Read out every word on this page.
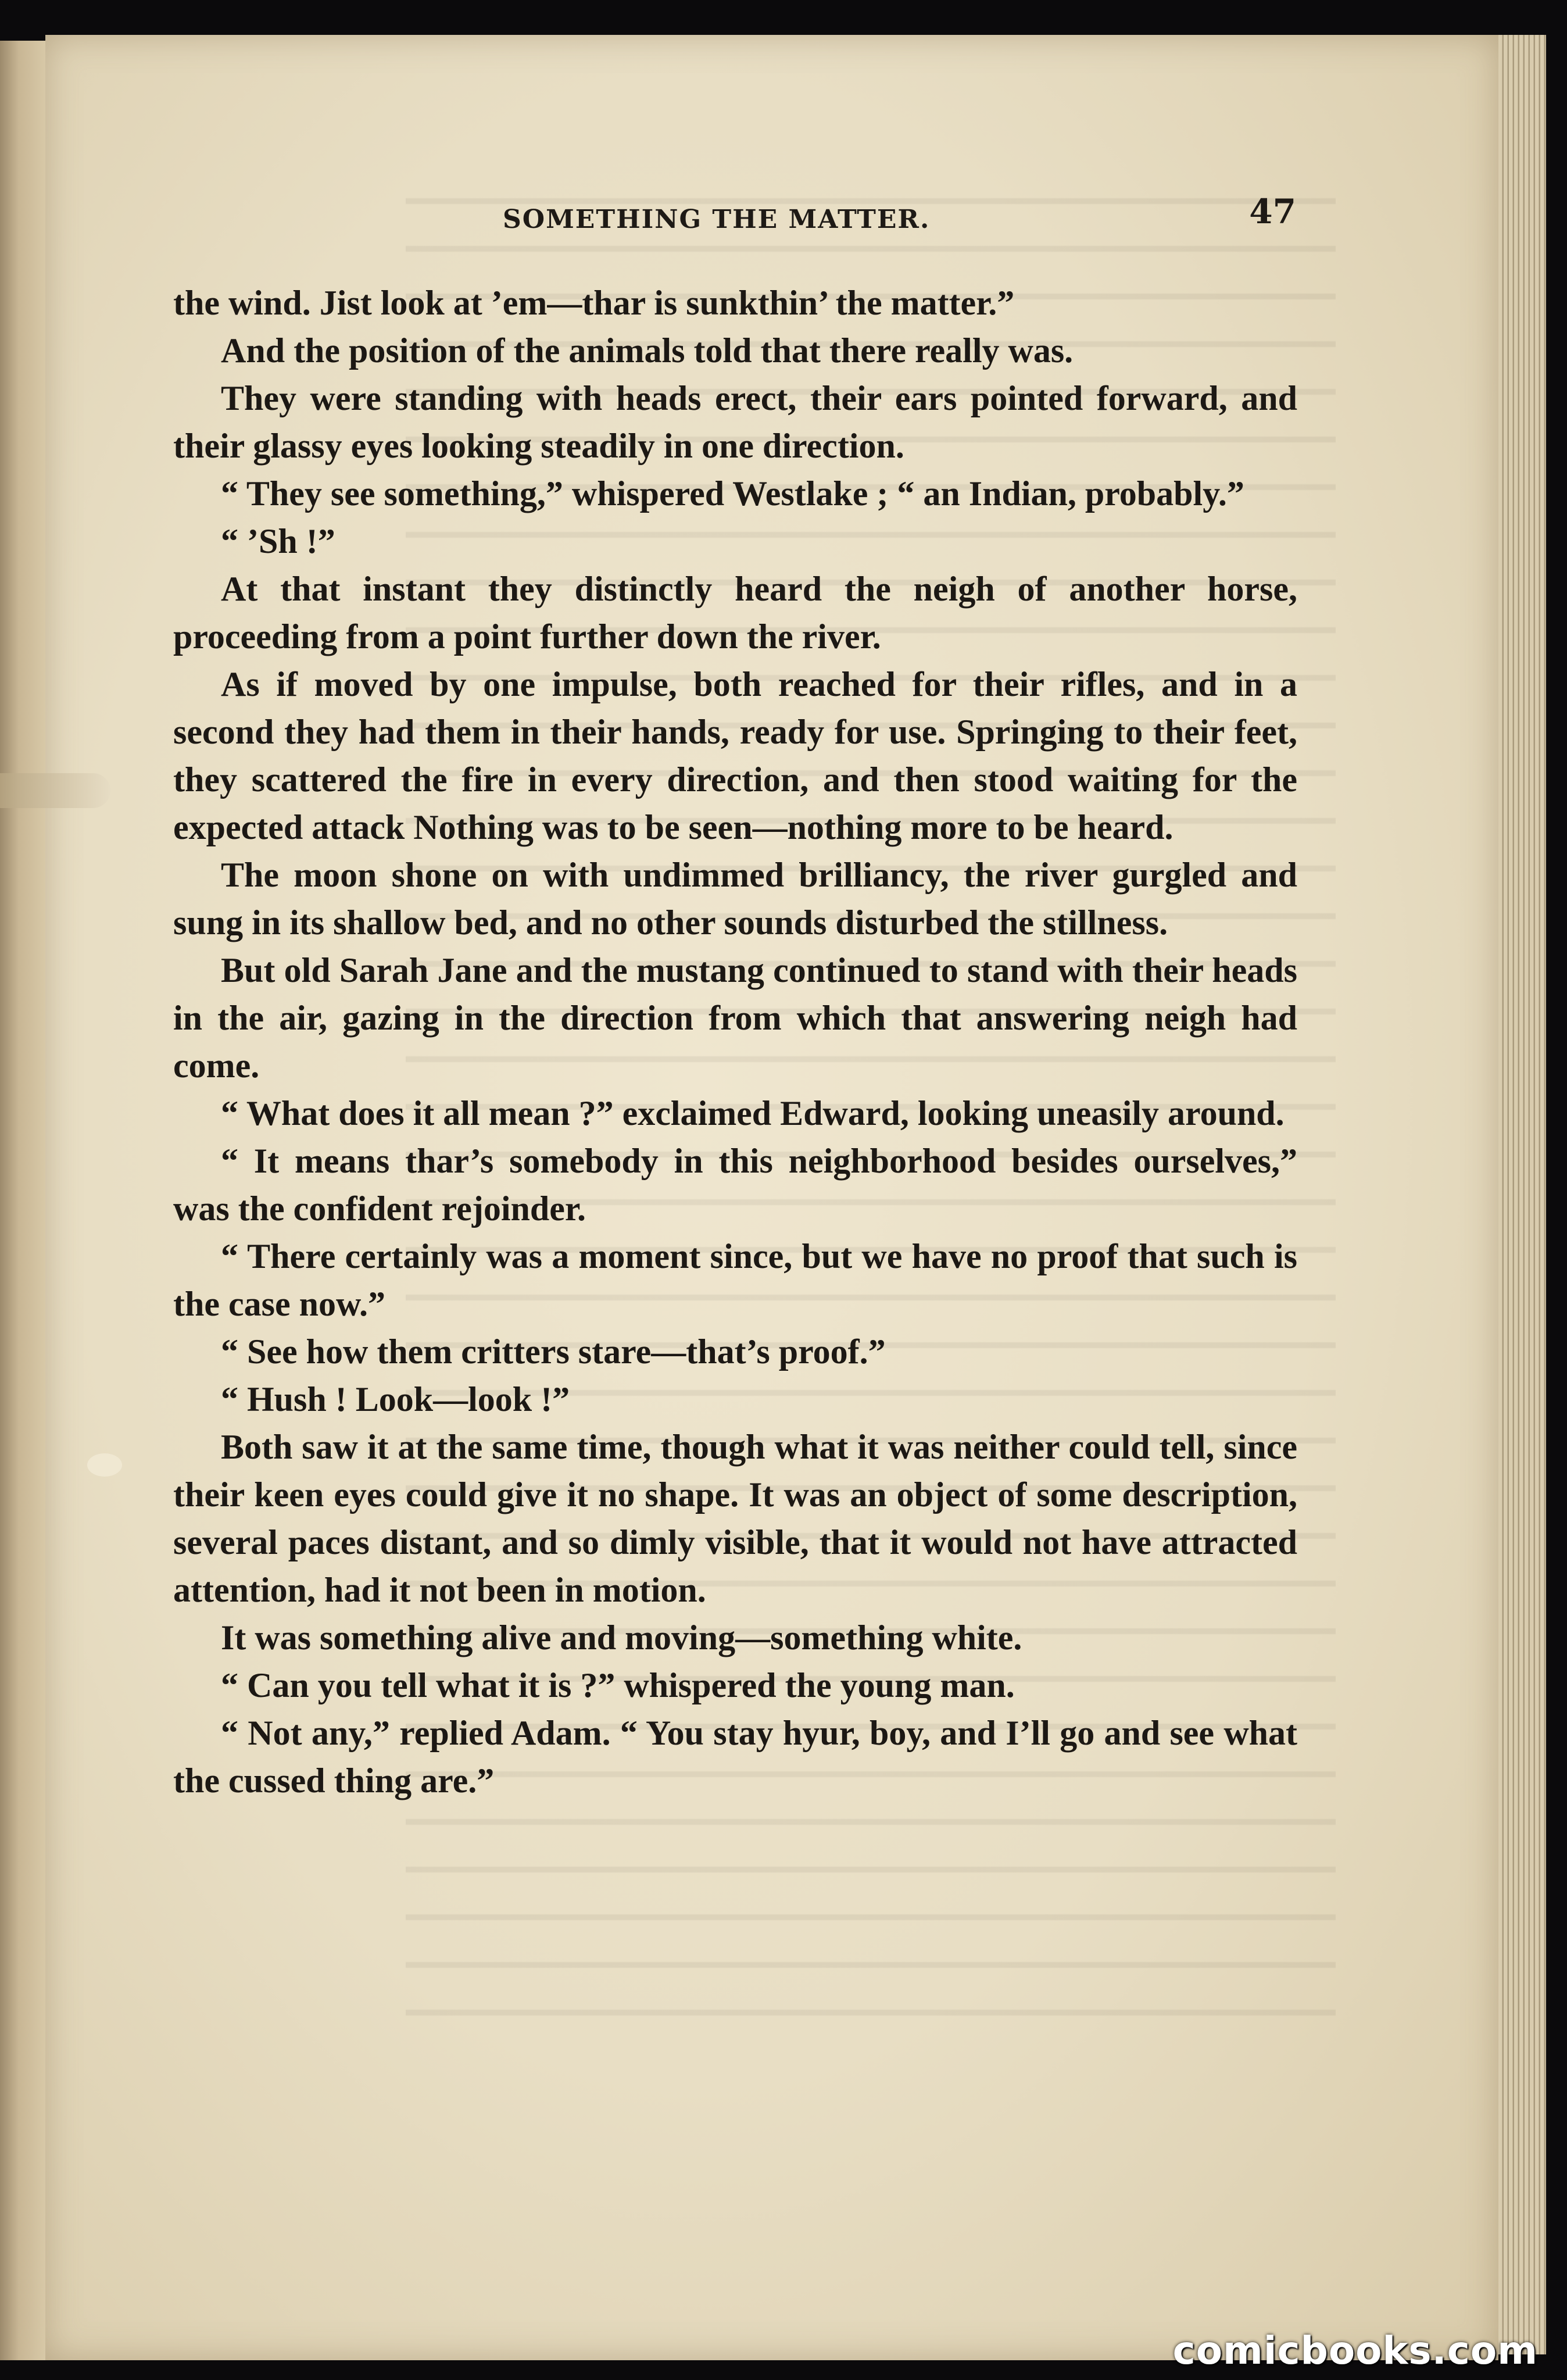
SOMETHING THE MATTER.	47

the wind. Jist look at ’em—thar is sunkthin’ the matter.”

And the position of the animals told that there really was.

They were standing with heads erect, their ears pointed forward, and their glassy eyes looking steadily in one direction.

“ They see something,” whispered Westlake ; “ an Indian, probably.”

“ ’Sh !”

At that instant they distinctly heard the neigh of another horse, proceeding from a point further down the river.

As if moved by one impulse, both reached for their rifles, and in a second they had them in their hands, ready for use. Springing to their feet, they scattered the fire in every direction, and then stood waiting for the expected attack Nothing was to be seen—nothing more to be heard.

The moon shone on with undimmed brilliancy, the river gurgled and sung in its shallow bed, and no other sounds disturbed the stillness.

But old Sarah Jane and the mustang continued to stand with their heads in the air, gazing in the direction from which that answering neigh had come.

“ What does it all mean ?” exclaimed Edward, looking uneasily around.

“ It means thar’s somebody in this neighborhood besides ourselves,” was the confident rejoinder.

“ There certainly was a moment since, but we have no proof that such is the case now.”

“ See how them critters stare—that’s proof.”

“ Hush ! Look—look !”

Both saw it at the same time, though what it was neither could tell, since their keen eyes could give it no shape. It was an object of some description, several paces distant, and so dimly visible, that it would not have attracted attention, had it not been in motion.

It was something alive and moving—something white.

“ Can you tell what it is ?” whispered the young man.

“ Not any,” replied Adam. “ You stay hyur, boy, and I’ll go and see what the cussed thing are.”

comicbooks.com
